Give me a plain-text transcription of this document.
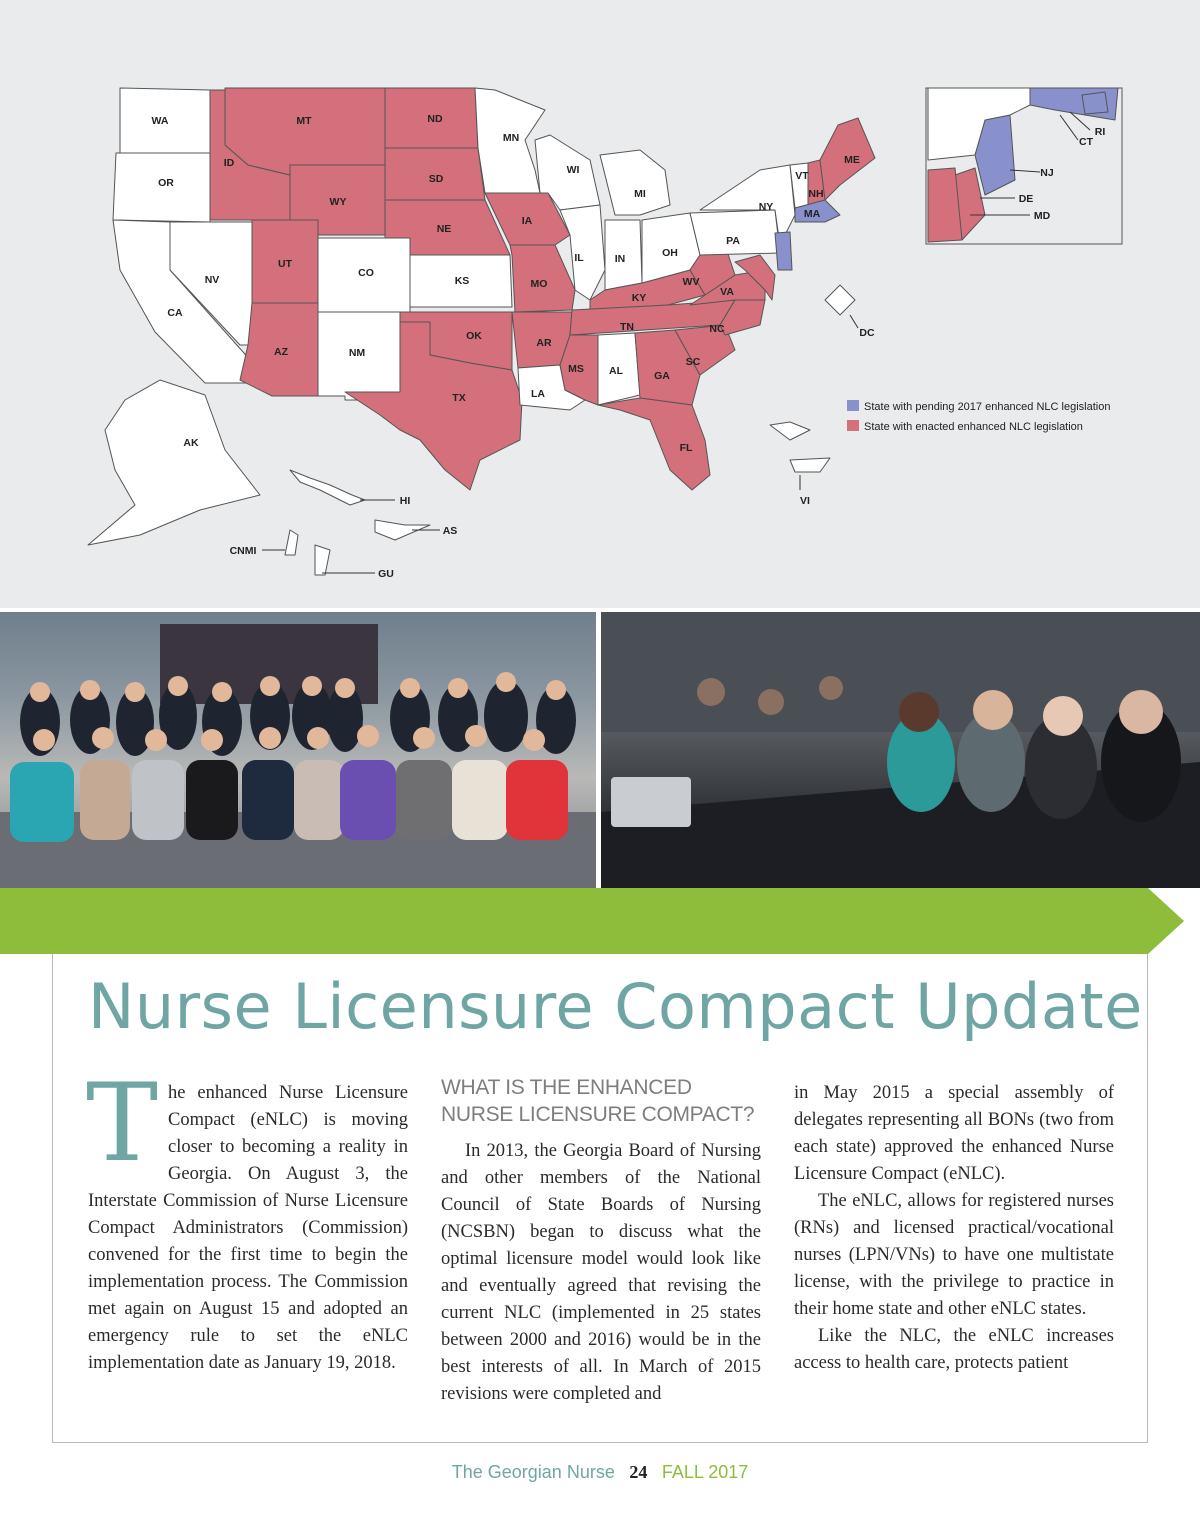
WA
OR
CA
NV
ID
MT
WY
UT
AZ
CO
NM
ND
SD
NE
KS
OK
TX
MN
IA
MO
AR
LA
WI
IL
MS
MI
IN
KY
TN
AL
OH
GA
FL
SC
NC
VA
WV
PA
NY
VT
NH
ME
MA
DC
AK
HI
AS
GU
CNMI
VI
RI
CT
NJ
DE
MD
State with pending 2017 enhanced NLC legislation
State with enacted enhanced NLC legislation
Nurse Licensure Compact Update

The enhanced Nurse Licensure Compact (eNLC) is moving closer to becoming a reality in Georgia. On August 3, the Interstate Commission of Nurse Licensure Compact Administrators (Commission) convened for the first time to begin the implementation process. The Commission met again on August 15 and adopted an emergency rule to set the eNLC implementation date as January 19, 2018.

WHAT IS THE ENHANCED NURSE LICENSURE COMPACT?

In 2013, the Georgia Board of Nursing and other members of the National Council of State Boards of Nursing (NCSBN) began to discuss what the optimal licensure model would look like and eventually agreed that revising the current NLC (implemented in 25 states between 2000 and 2016) would be in the best interests of all. In March of 2015 revisions were completed and

in May 2015 a special assembly of delegates representing all BONs (two from each state) approved the enhanced Nurse Licensure Compact (eNLC).

The eNLC, allows for registered nurses (RNs) and licensed practical/vocational nurses (LPN/VNs) to have one multistate license, with the privilege to practice in their home state and other eNLC states.

Like the NLC, the eNLC increases access to health care, protects patient

The Georgian Nurse 24 FALL 2017
